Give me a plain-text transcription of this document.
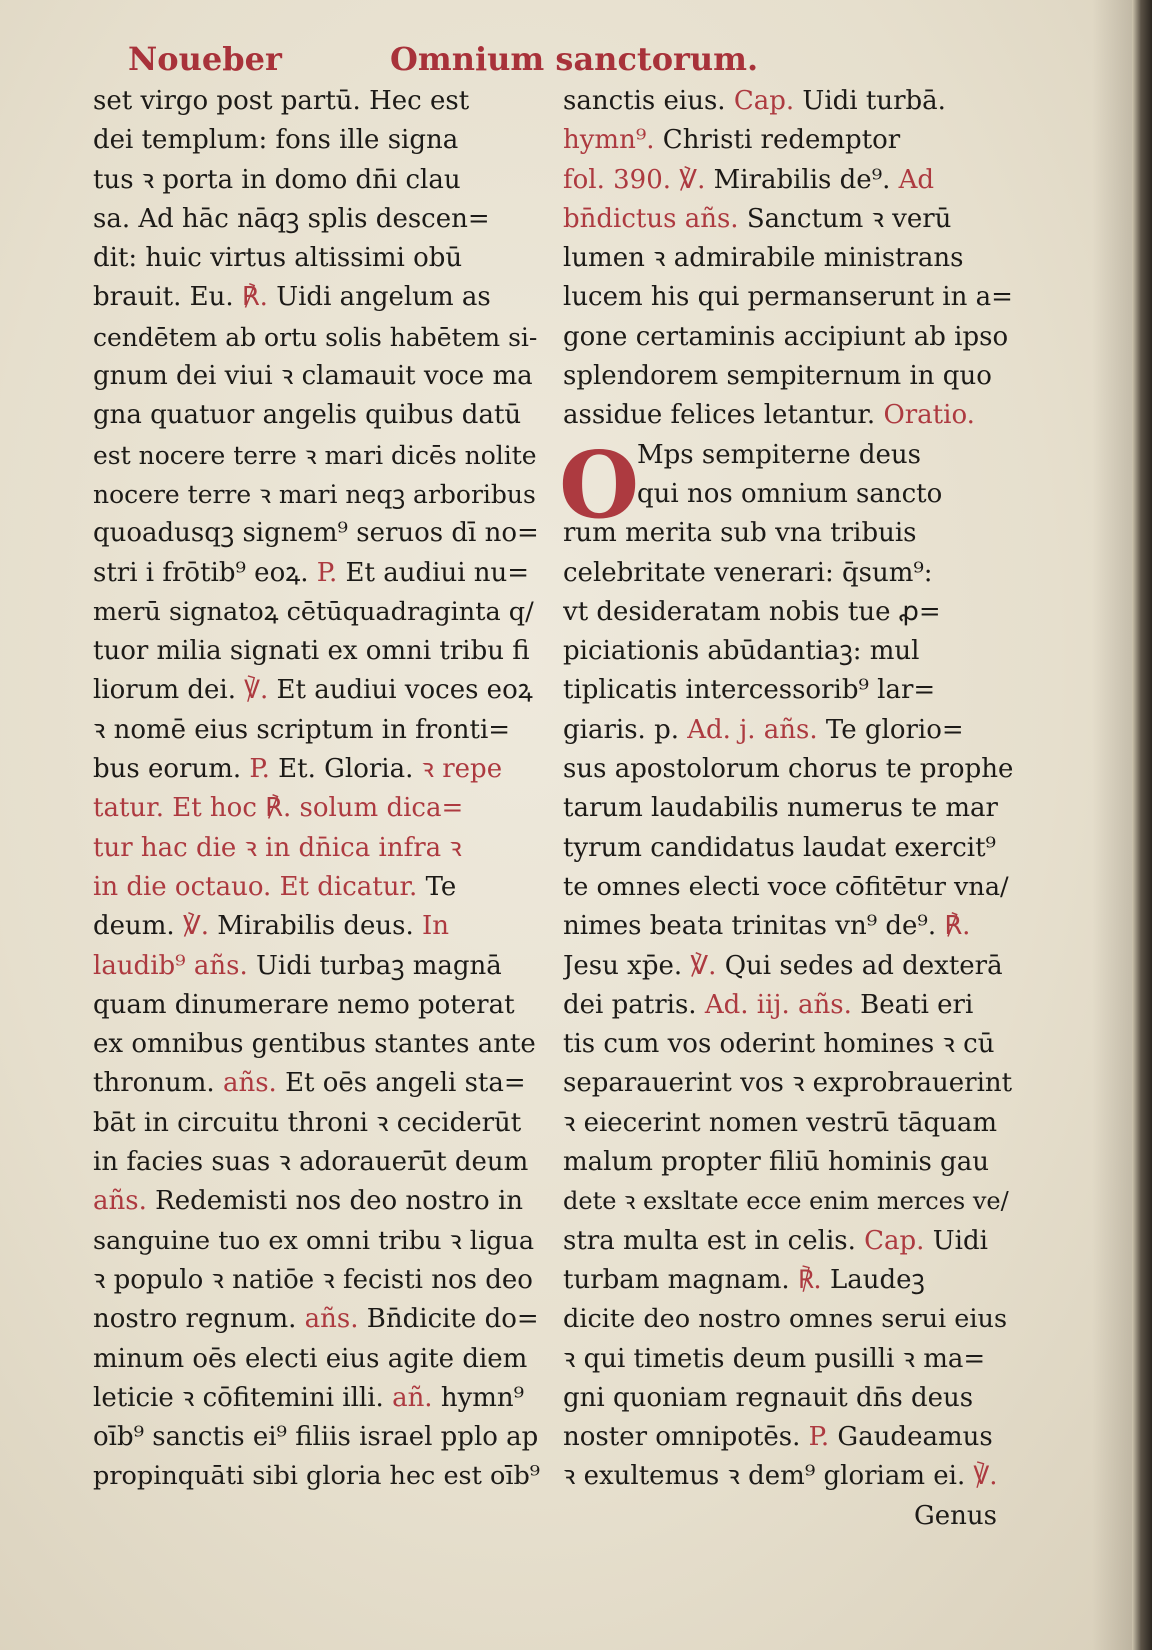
Noueber	Omnium sanctorum.
set virgo post partū. Hec est
dei templum: fons ille signa
tus ꝛ porta in domo dn̄i clau
sa. Ad hāc nāqꝫ splis descen=
dit: huic virtus altissimi obū
brauit. Eu. ℟. Uidi angelum as
cendētem ab ortu solis habētem si-
gnum dei viui ꝛ clamauit voce ma
gna quatuor angelis quibus datū
est nocere terre ꝛ mari dicēs nolite
nocere terre ꝛ mari neqꝫ arboribus
quoadusqꝫ signem⁹ seruos dī no=
stri i frōtib⁹ eoꝝ. P. Et audiui nu=
merū signatoꝝ cētūquadraginta q/
tuor milia signati ex omni tribu fi
liorum dei. ℣. Et audiui voces eoꝝ
ꝛ nomē eius scriptum in fronti=
bus eorum. P. Et. Gloria. ꝛ repe
tatur. Et hoc ℟. solum dica=
tur hac die ꝛ in dn̄ica infra ꝛ
in die octauo. Et dicatur. Te
deum. ℣. Mirabilis deus. In
laudib⁹ añs. Uidi turbaꝫ magnā
quam dinumerare nemo poterat
ex omnibus gentibus stantes ante
thronum. añs. Et oēs angeli sta=
bāt in circuitu throni ꝛ ceciderūt
in facies suas ꝛ adorauerūt deum
añs. Redemisti nos deo nostro in
sanguine tuo ex omni tribu ꝛ ligua
ꝛ populo ꝛ natiōe ꝛ fecisti nos deo
nostro regnum. añs. Bn̄dicite do=
minum oēs electi eius agite diem
leticie ꝛ cōfitemini illi. añ. hymn⁹
oīb⁹ sanctis ei⁹ filiis israel pplo ap
propinquāti sibi gloria hec est oīb⁹
sanctis eius. Cap. Uidi turbā.
hymn⁹. Christi redemptor
fol. 390. ℣. Mirabilis de⁹. Ad
bn̄dictus añs. Sanctum ꝛ verū
lumen ꝛ admirabile ministrans
lucem his qui permanserunt in a=
gone certaminis accipiunt ab ipso
splendorem sempiternum in quo
assidue felices letantur. Oratio.
O
Mps sempiterne deus
qui nos omnium sancto
rum merita sub vna tribuis
celebritate venerari: q̄sum⁹:
vt desideratam nobis tue ꝓ=
piciationis abūdantiaꝫ: mul
tiplicatis intercessorib⁹ lar=
giaris. p. Ad. j. añs. Te glorio=
sus apostolorum chorus te prophe
tarum laudabilis numerus te mar
tyrum candidatus laudat exercit⁹
te omnes electi voce cōfitētur vna/
nimes beata trinitas vn⁹ de⁹. ℟.
Jesu xp̄e. ℣. Qui sedes ad dexterā
dei patris. Ad. iij. añs. Beati eri
tis cum vos oderint homines ꝛ cū
separauerint vos ꝛ exprobrauerint
ꝛ eiecerint nomen vestrū tāquam
malum propter filiū hominis gau
dete ꝛ exsltate ecce enim merces ve/
stra multa est in celis. Cap. Uidi
turbam magnam. ℟. Laudeꝫ
dicite deo nostro omnes serui eius
ꝛ qui timetis deum pusilli ꝛ ma=
gni quoniam regnauit dn̄s deus
noster omnipotēs. P. Gaudeamus
ꝛ exultemus ꝛ dem⁹ gloriam ei. ℣.
Genus
